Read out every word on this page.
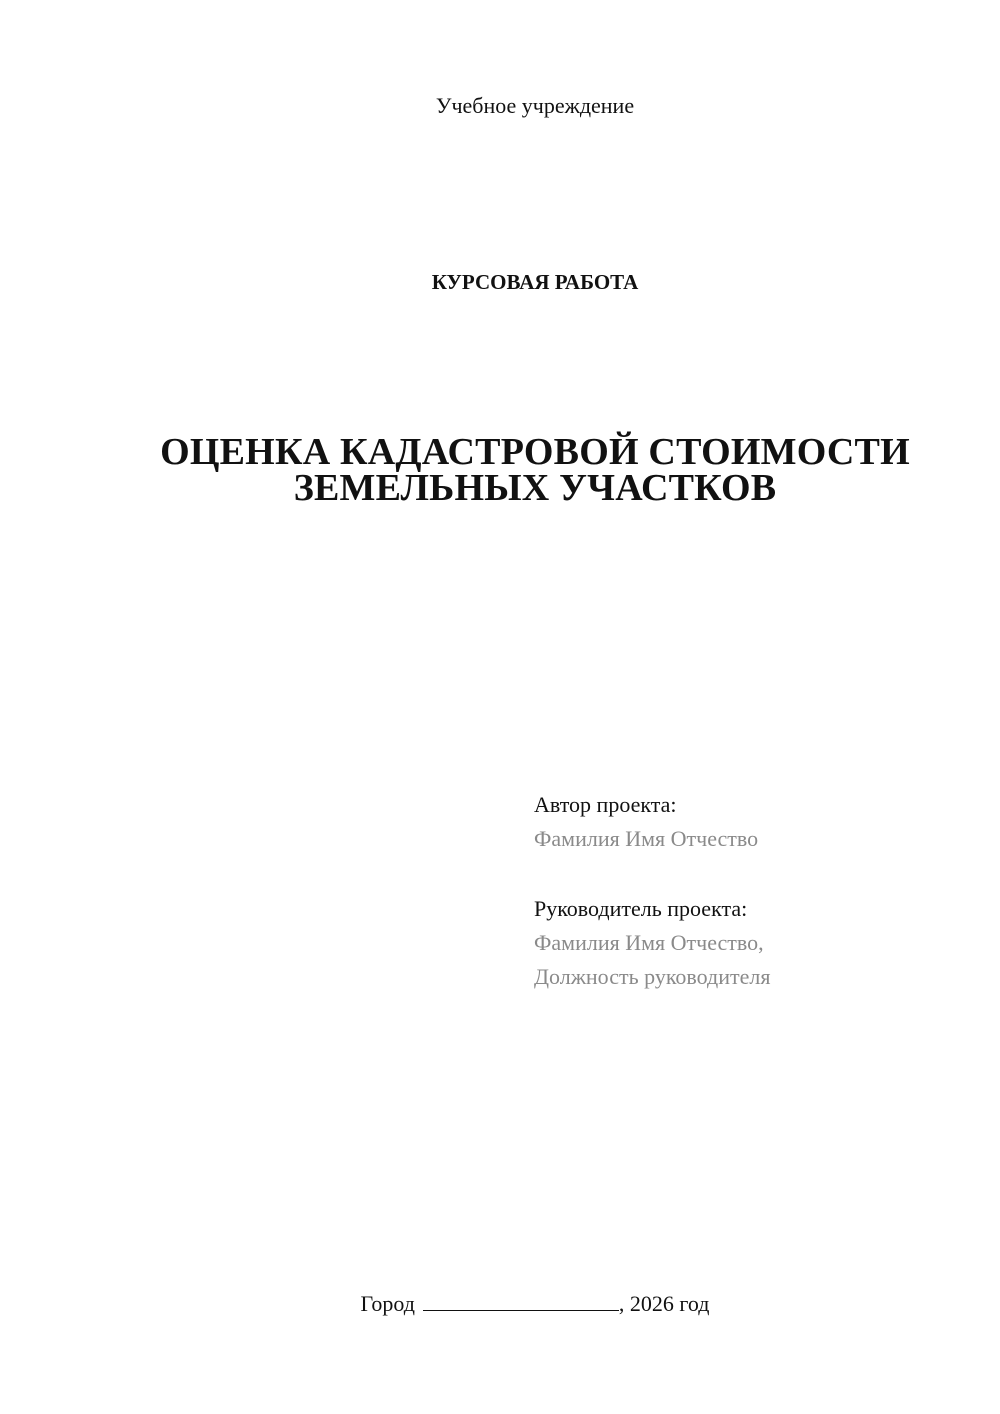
Учебное учреждение
КУРСОВАЯ РАБОТА
ОЦЕНКА КАДАСТРОВОЙ СТОИМОСТИ
ЗЕМЕЛЬНЫХ УЧАСТКОВ
Автор проекта:
Фамилия Имя Отчество
Руководитель проекта:
Фамилия Имя Отчество,
Должность руководителя
Город	, 2026 год
